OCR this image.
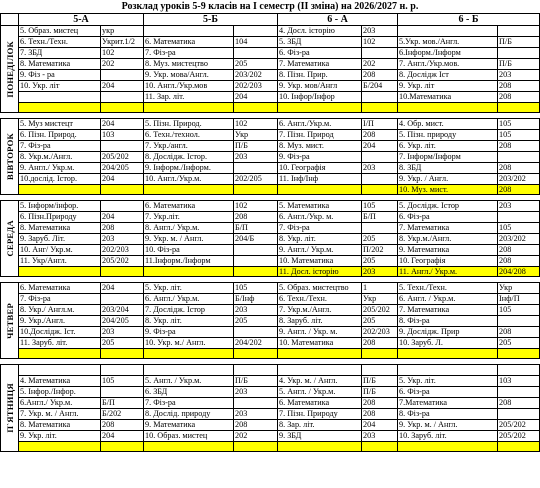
Розклад уроків 5-9 класів на І семестр (ІІ зміна) на 2026/2027 н. р.
	5-А		5-Б		6 - А		6 - Б	

ПОНЕДІЛОК	5. Образ. мистец	укр			4. Досл. історію	203		
	6. Техн./Техн.	Укрит.1/2	6. Математика	104	5. ЗБД	102	5.Укр. мов./Англ.	П/Б
	7. ЗБД	102	7. Фіз-ра		6. Фіз-ра		6.Інформ./Інформ	
	8. Математика	202	8. Муз. мистецтво	205	7. Математика	202	7. Англ./Укр.мов.	П/Б
	9. Фіз - ра		9. Укр. мова/Англ.	203/202	8. Пізн. Прир.	208	8. Дослідж Іст	203
	10. Укр. літ	204	10. Англ./Укр.мов	202/203	9. Укр. мов/Англ	Б/204	9. Укр. літ	208
			11. Зар. літ.	204	10. Інфор/Інфор		10.Математика	208

ВІВТОРОК	5. Муз мистецт	204	5. Пізн. Природ.	102	6. Англ./Укр.м.	І/П	4. Обр. мист.	105
	6. Пізн. Природ.	103	6. Техн./технол.	Укр	7. Пізн. Природ	208	5. Пізн. природу	105
	7. Фіз-ра		7. Укр./англ.	П/Б	8. Муз. мист.	204	6. Укр. літ.	208
	8. Укр.м./Англ.	205/202	8. Дослідж. Істор.	203	9. Фіз-ра		7. Інформ/Інформ	
	9. Англ./ Укр.м.	204/205	9. Інформ./Інформ.		10. Географія	203	8. ЗБД	208
	10.дослід. Істор.	204	10. Англ./Укр.м.	202/205	11. Інф/Інф		9. Укр. / Англ.	203/202
							10. Муз. мист.	208

СЕРЕДА	5. Інформ/інфор.		6. Математика	102	5. Математика	105	5. Дослідж. Істор	203
	6. Пізн.Природу	204	7. Укр.літ.	208	6. Англ./Укр. м.	Б/П	6. Фіз-ра	
	8. Математика	208	8. Англ./ Укр.м.	Б/П	7. Фіз-ра		7. Математика	105
	9. Заруб. Літ.	203	9. Укр. м. / Англ.	204/Б	8. Укр. літ.	205	8. Укр.м./Англ.	203/202
	10. Анг/ Укр.м.	202/203	10. Фіз-ра		9. Англ./ Укр.м.	П/202	9. Математика	208
	11. Укр/Англ.	205/202	11.Інформ./Інформ		10. Математика	205	10. Географія	208
					11. Досл. історію	203	11. Англ./ Укр.м.	204/208

ЧЕТВЕР	6. Математика	204	5. Укр. літ.	105	5. Образ. мистецтво	1	5. Техн./Техн.	Укр
	7. Фіз-ра		6. Англ./ Укр.м.	Б/Інф	6. Техн./Техн.	Укр	6. Англ. / Укр.м.	Інф/П
	8. Укр./ Англ.м.	203/204	7. Дослідж. Істор	203	7. Укр.м./Англ.	205/202	7. Математика	105
	9. Укр./Англ.	204/205	8. Укр. літ.	205	8. Заруб. літ.	205	8. Фіз-ра	
	10.Дослідж. Іст.	203	9. Фіз-ра		9. Англ. / Укр. м.	202/203	9. Дослідж. Прир	208
	11. Заруб. літ.	205	10. Укр. м./ Англ.	204/202	10. Математика	208	10. Заруб. Л.	205

П`ЯТНИЦЯ								

	4. Математика	105	5. Англ. / Укр.м.	П/Б	4. Укр. м. / Англ.	П/Б	5. Укр. літ.	103
	5. Інфор./Інфор.		6. ЗБД	203	5. Англ. / Укр.м.	П/Б	6. Фіз-ра	
	6.Англ./ Укр.м.	Б/П	7. Фіз-ра		6. Математика	208	7.Математика	208
	7. Укр. м. / Англ.	Б/202	8. Дослід. природу	203	7. Пізн. Природу	208	8. Фіз-ра	
	8. Математика	208	9. Математика	208	8. Зар. літ.	204	9. Укр. м. / Англ.	205/202
	9. Укр. літ.	204	10. Образ. мистец	202	9. ЗБД	203	10. Заруб. літ.	205/202
